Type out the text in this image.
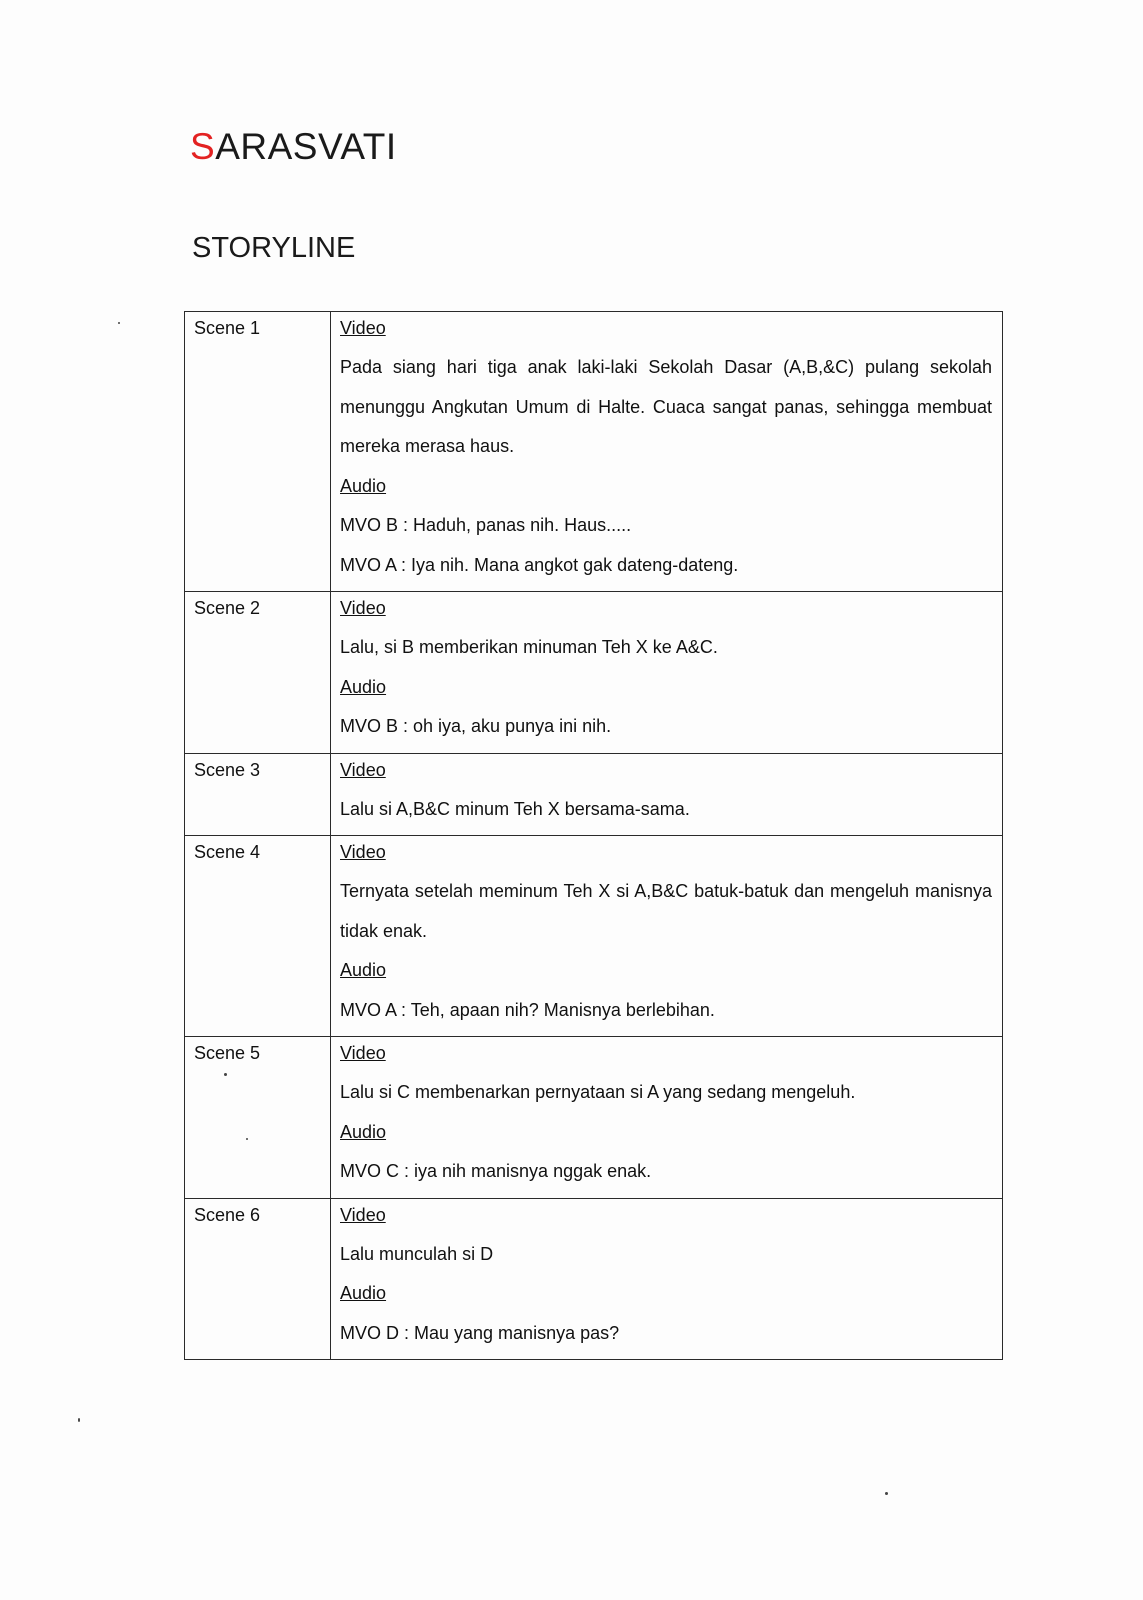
SARASVATI
STORYLINE
Scene 1	Video
Pada siang hari tiga anak laki-laki Sekolah Dasar (A,B,&C) pulang sekolah menunggu Angkutan Umum di Halte. Cuaca sangat panas, sehingga membuat mereka merasa haus.
Audio
MVO B : Haduh, panas nih. Haus.....
MVO A : Iya nih. Mana angkot gak dateng-dateng.

Scene 2	Video
Lalu, si B memberikan minuman Teh X ke A&C.
Audio
MVO B : oh iya, aku punya ini nih.

Scene 3	Video
Lalu si A,B&C minum Teh X bersama-sama.

Scene 4	Video
Ternyata setelah meminum Teh X si A,B&C batuk-batuk dan mengeluh manisnya tidak enak.
Audio
MVO A : Teh, apaan nih? Manisnya berlebihan.

Scene 5	Video
Lalu si C membenarkan pernyataan si A yang sedang mengeluh.
Audio
MVO C : iya nih manisnya nggak enak.

Scene 6	Video
Lalu munculah si D
Audio
MVO D : Mau yang manisnya pas?
